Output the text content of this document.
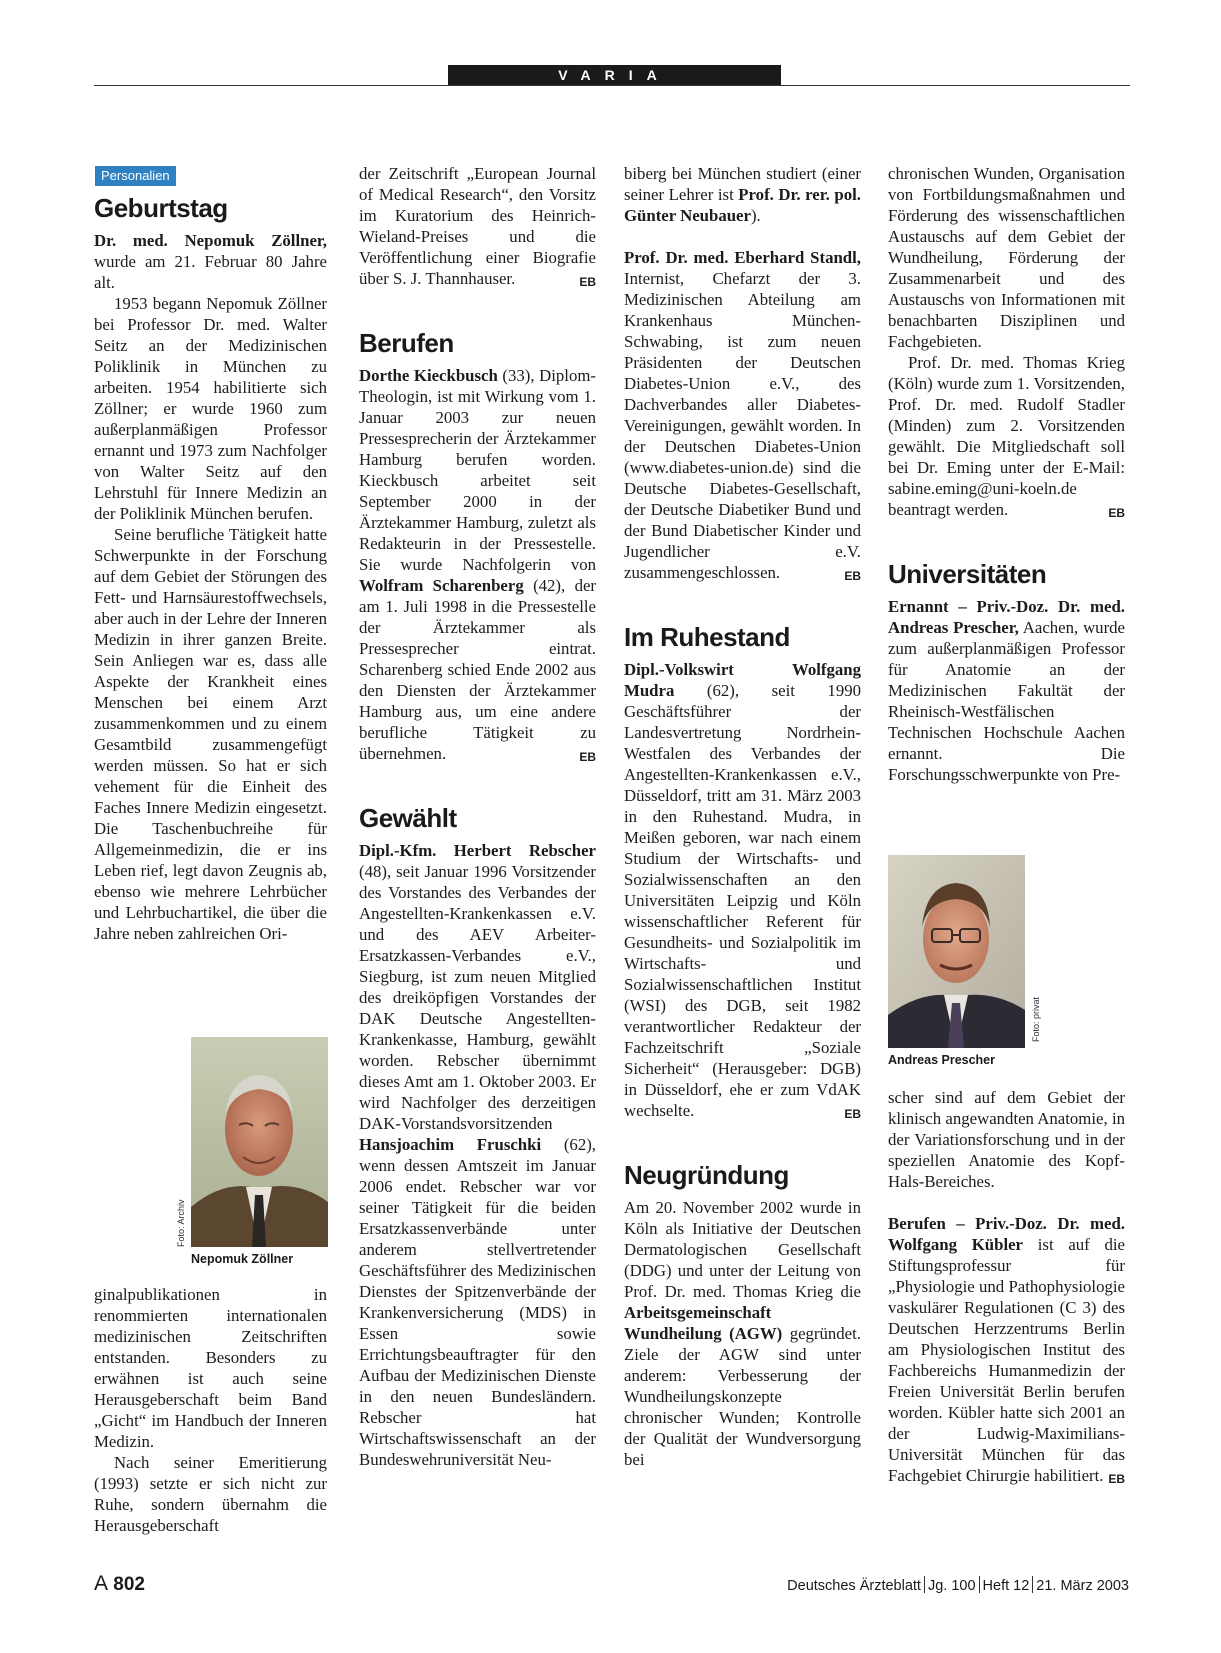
VARIA
Personalien
Geburtstag

Dr. med. Nepomuk Zöllner, wurde am 21. Februar 80 Jahre alt.

1953 begann Nepomuk Zöllner bei Professor Dr. med. Walter Seitz an der Medizinischen Poliklinik in München zu arbeiten. 1954 habilitierte sich Zöllner; er wurde 1960 zum außerplanmäßigen Professor ernannt und 1973 zum Nachfolger von Walter Seitz auf den Lehrstuhl für Innere Medizin an der Poliklinik München berufen.

Seine berufliche Tätigkeit hatte Schwerpunkte in der Forschung auf dem Gebiet der Störungen des Fett- und Harnsäurestoffwechsels, aber auch in der Lehre der Inneren Medizin in ihrer ganzen Breite. Sein Anliegen war es, dass alle Aspekte der Krankheit eines Menschen bei einem Arzt zusammenkommen und zu einem Gesamtbild zusammengefügt werden müssen. So hat er sich vehement für die Einheit des Faches Innere Medizin eingesetzt. Die Taschenbuchreihe für Allgemeinmedizin, die er ins Leben rief, legt davon Zeugnis ab, ebenso wie mehrere Lehrbücher und Lehrbuchartikel, die über die Jahre neben zahlreichen Ori-

Foto: Archiv
Nepomuk Zöllner

ginalpublikationen in renommierten internationalen medizinischen Zeitschriften entstanden. Besonders zu erwähnen ist auch seine Herausgeberschaft beim Band „Gicht“ im Handbuch der Inneren Medizin.

Nach seiner Emeritierung (1993) setzte er sich nicht zur Ruhe, sondern übernahm die Herausgeberschaft

der Zeitschrift „European Journal of Medical Research“, den Vorsitz im Kuratorium des Heinrich-Wieland-Preises und die Veröffentlichung einer Biografie über S. J. Thannhauser.	EB

Berufen

Dorthe Kieckbusch (33), Diplom-Theologin, ist mit Wirkung vom 1. Januar 2003 zur neuen Pressesprecherin der Ärztekammer Hamburg berufen worden. Kieckbusch arbeitet seit September 2000 in der Ärztekammer Hamburg, zuletzt als Redakteurin in der Pressestelle. Sie wurde Nachfolgerin von Wolfram Scharenberg (42), der am 1. Juli 1998 in die Pressestelle der Ärztekammer als Pressesprecher eintrat. Scharenberg schied Ende 2002 aus den Diensten der Ärztekammer Hamburg aus, um eine andere berufliche Tätigkeit zu übernehmen.	EB

Gewählt

Dipl.-Kfm. Herbert Rebscher (48), seit Januar 1996 Vorsitzender des Vorstandes des Verbandes der Angestellten-Krankenkassen e.V. und des AEV Arbeiter-Ersatzkassen-Verbandes e.V., Siegburg, ist zum neuen Mitglied des dreiköpfigen Vorstandes der DAK Deutsche Angestellten-Krankenkasse, Hamburg, gewählt worden. Rebscher übernimmt dieses Amt am 1. Oktober 2003. Er wird Nachfolger des derzeitigen DAK-Vorstandsvorsitzenden Hansjoachim Fruschki (62), wenn dessen Amtszeit im Januar 2006 endet. Rebscher war vor seiner Tätigkeit für die beiden Ersatzkassenverbände unter anderem stellvertretender Geschäftsführer des Medizinischen Dienstes der Spitzenverbände der Krankenversicherung (MDS) in Essen sowie Errichtungsbeauftragter für den Aufbau der Medizinischen Dienste in den neuen Bundesländern. Rebscher hat Wirtschaftswissenschaft an der Bundeswehruniversität Neu-

biberg bei München studiert (einer seiner Lehrer ist Prof. Dr. rer. pol. Günter Neubauer).

Prof. Dr. med. Eberhard Standl, Internist, Chefarzt der 3. Medizinischen Abteilung am Krankenhaus München-Schwabing, ist zum neuen Präsidenten der Deutschen Diabetes-Union e.V., des Dachverbandes aller Diabetes-Vereinigungen, gewählt worden. In der Deutschen Diabetes-Union (www.diabetes-union.de) sind die Deutsche Diabetes-Gesellschaft, der Deutsche Diabetiker Bund und der Bund Diabetischer Kinder und Jugendlicher e.V. zusammengeschlossen.	EB

Im Ruhestand

Dipl.-Volkswirt Wolfgang Mudra (62), seit 1990 Geschäftsführer der Landesvertretung Nordrhein-Westfalen des Verbandes der Angestellten-Krankenkassen e.V., Düsseldorf, tritt am 31. März 2003 in den Ruhestand. Mudra, in Meißen geboren, war nach einem Studium der Wirtschafts- und Sozialwissenschaften an den Universitäten Leipzig und Köln wissenschaftlicher Referent für Gesundheits- und Sozialpolitik im Wirtschafts- und Sozialwissenschaftlichen Institut (WSI) des DGB, seit 1982 verantwortlicher Redakteur der Fachzeitschrift „Soziale Sicherheit“ (Herausgeber: DGB) in Düsseldorf, ehe er zum VdAK wechselte.	EB

Neugründung

Am 20. November 2002 wurde in Köln als Initiative der Deutschen Dermatologischen Gesellschaft (DDG) und unter der Leitung von Prof. Dr. med. Thomas Krieg die Arbeitsgemeinschaft Wundheilung (AGW) gegründet. Ziele der AGW sind unter anderem: Verbesserung der Wundheilungskonzepte chronischer Wunden; Kontrolle der Qualität der Wundversorgung bei

chronischen Wunden, Organisation von Fortbildungsmaßnahmen und Förderung des wissenschaftlichen Austauschs auf dem Gebiet der Wundheilung, Förderung der Zusammenarbeit und des Austauschs von Informationen mit benachbarten Disziplinen und Fachgebieten.

Prof. Dr. med. Thomas Krieg (Köln) wurde zum 1. Vorsitzenden, Prof. Dr. med. Rudolf Stadler (Minden) zum 2. Vorsitzenden gewählt. Die Mitgliedschaft soll bei Dr. Eming unter der E-Mail: sabine.eming@uni-koeln.de beantragt werden.	EB

Universitäten

Ernannt – Priv.-Doz. Dr. med. Andreas Prescher, Aachen, wurde zum außerplanmäßigen Professor für Anatomie an der Medizinischen Fakultät der Rheinisch-Westfälischen Technischen Hochschule Aachen ernannt. Die Forschungsschwerpunkte von Pre-

Foto: privat
Andreas Prescher

scher sind auf dem Gebiet der klinisch angewandten Anatomie, in der Variationsforschung und in der speziellen Anatomie des Kopf-Hals-Bereiches.

Berufen – Priv.-Doz. Dr. med. Wolfgang Kübler ist auf die Stiftungsprofessur für „Physiologie und Pathophysiologie vaskulärer Regulationen (C 3) des Deutschen Herzzentrums Berlin am Physiologischen Institut des Fachbereichs Humanmedizin der Freien Universität Berlin berufen worden. Kübler hatte sich 2001 an der Ludwig-Maximilians-Universität München für das Fachgebiet Chirurgie habilitiert. EB

A 802	Deutsches Ärzteblatt Jg. 100 Heft 12 21. März 2003
